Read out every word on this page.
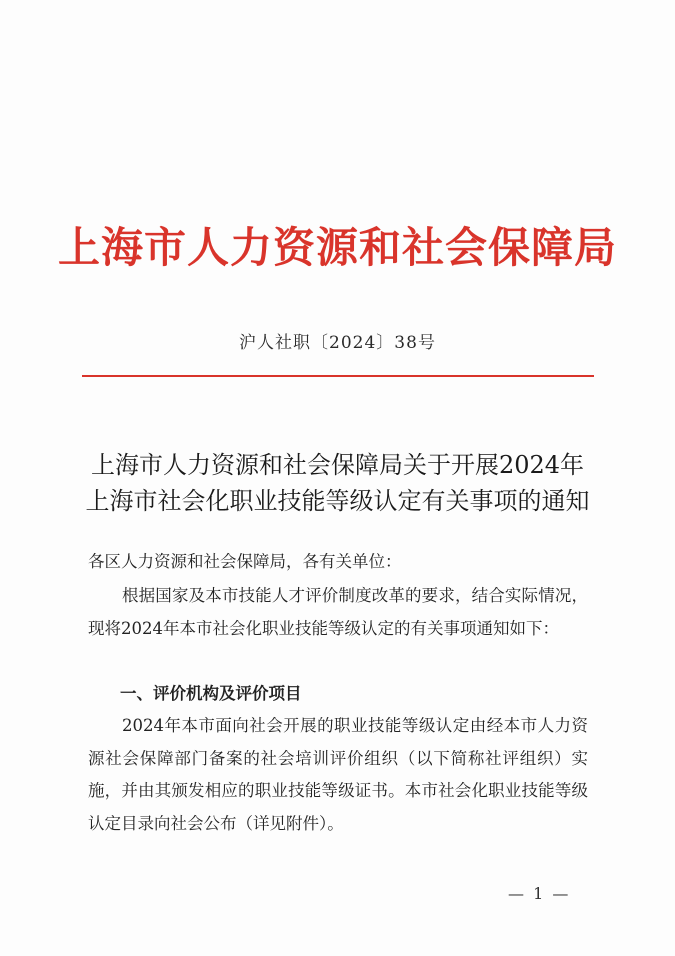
上海市人力资源和社会保障局
沪人社职〔2024〕38号
上海市人力资源和社会保障局关于开展2024年
上海市社会化职业技能等级认定有关事项的通知
各区人力资源和社会保障局，各有关单位：
根据国家及本市技能人才评价制度改革的要求，结合实际情况，现将2024年本市社会化职业技能等级认定的有关事项通知如下：
一、评价机构及评价项目
2024年本市面向社会开展的职业技能等级认定由经本市人力资源社会保障部门备案的社会培训评价组织（以下简称社评组织）实施，并由其颁发相应的职业技能等级证书。本市社会化职业技能等级认定目录向社会公布（详见附件）。
— 1 —
